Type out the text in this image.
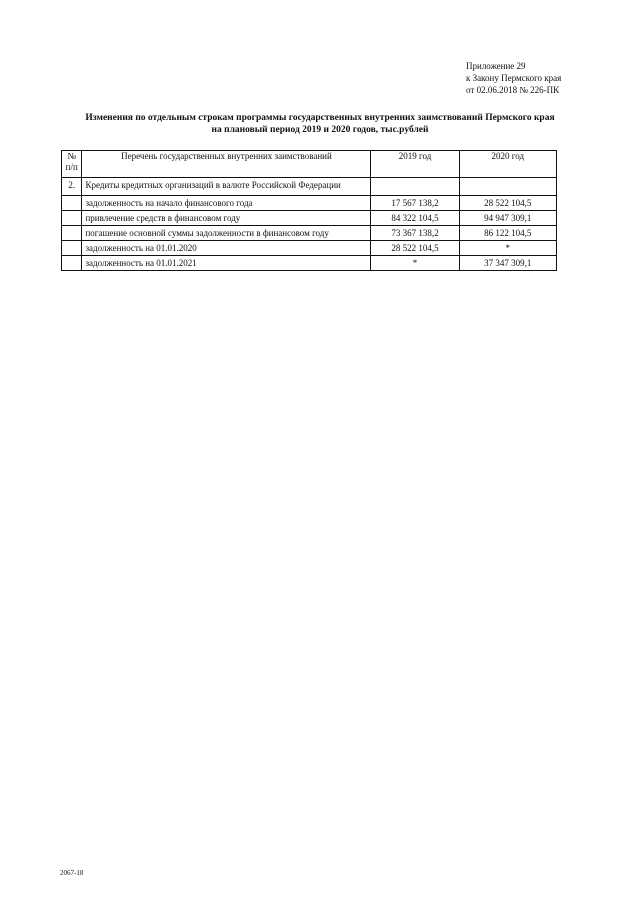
Приложение 29
к Закону Пермского края
от 02.06.2018 № 226-ПК
Изменения по отдельным строкам программы государственных внутренних заимствований Пермского края
на плановый период 2019 и 2020 годов, тыс.рублей
№
п/п	Перечень государственных внутренних заимствований	2019 год	2020 год
2.	Кредиты кредитных организаций в валюте Российской Федерации		
	задолженность на начало финансового года	17 567 138,2	28 522 104,5
	привлечение средств в финансовом году	84 322 104,5	94 947 309,1
	погашение основной суммы задолженности в финансовом году	73 367 138,2	86 122 104,5
	задолженность на 01.01.2020	28 522 104,5	*
	задолженность на 01.01.2021	*	37 347 309,1
2067-18
